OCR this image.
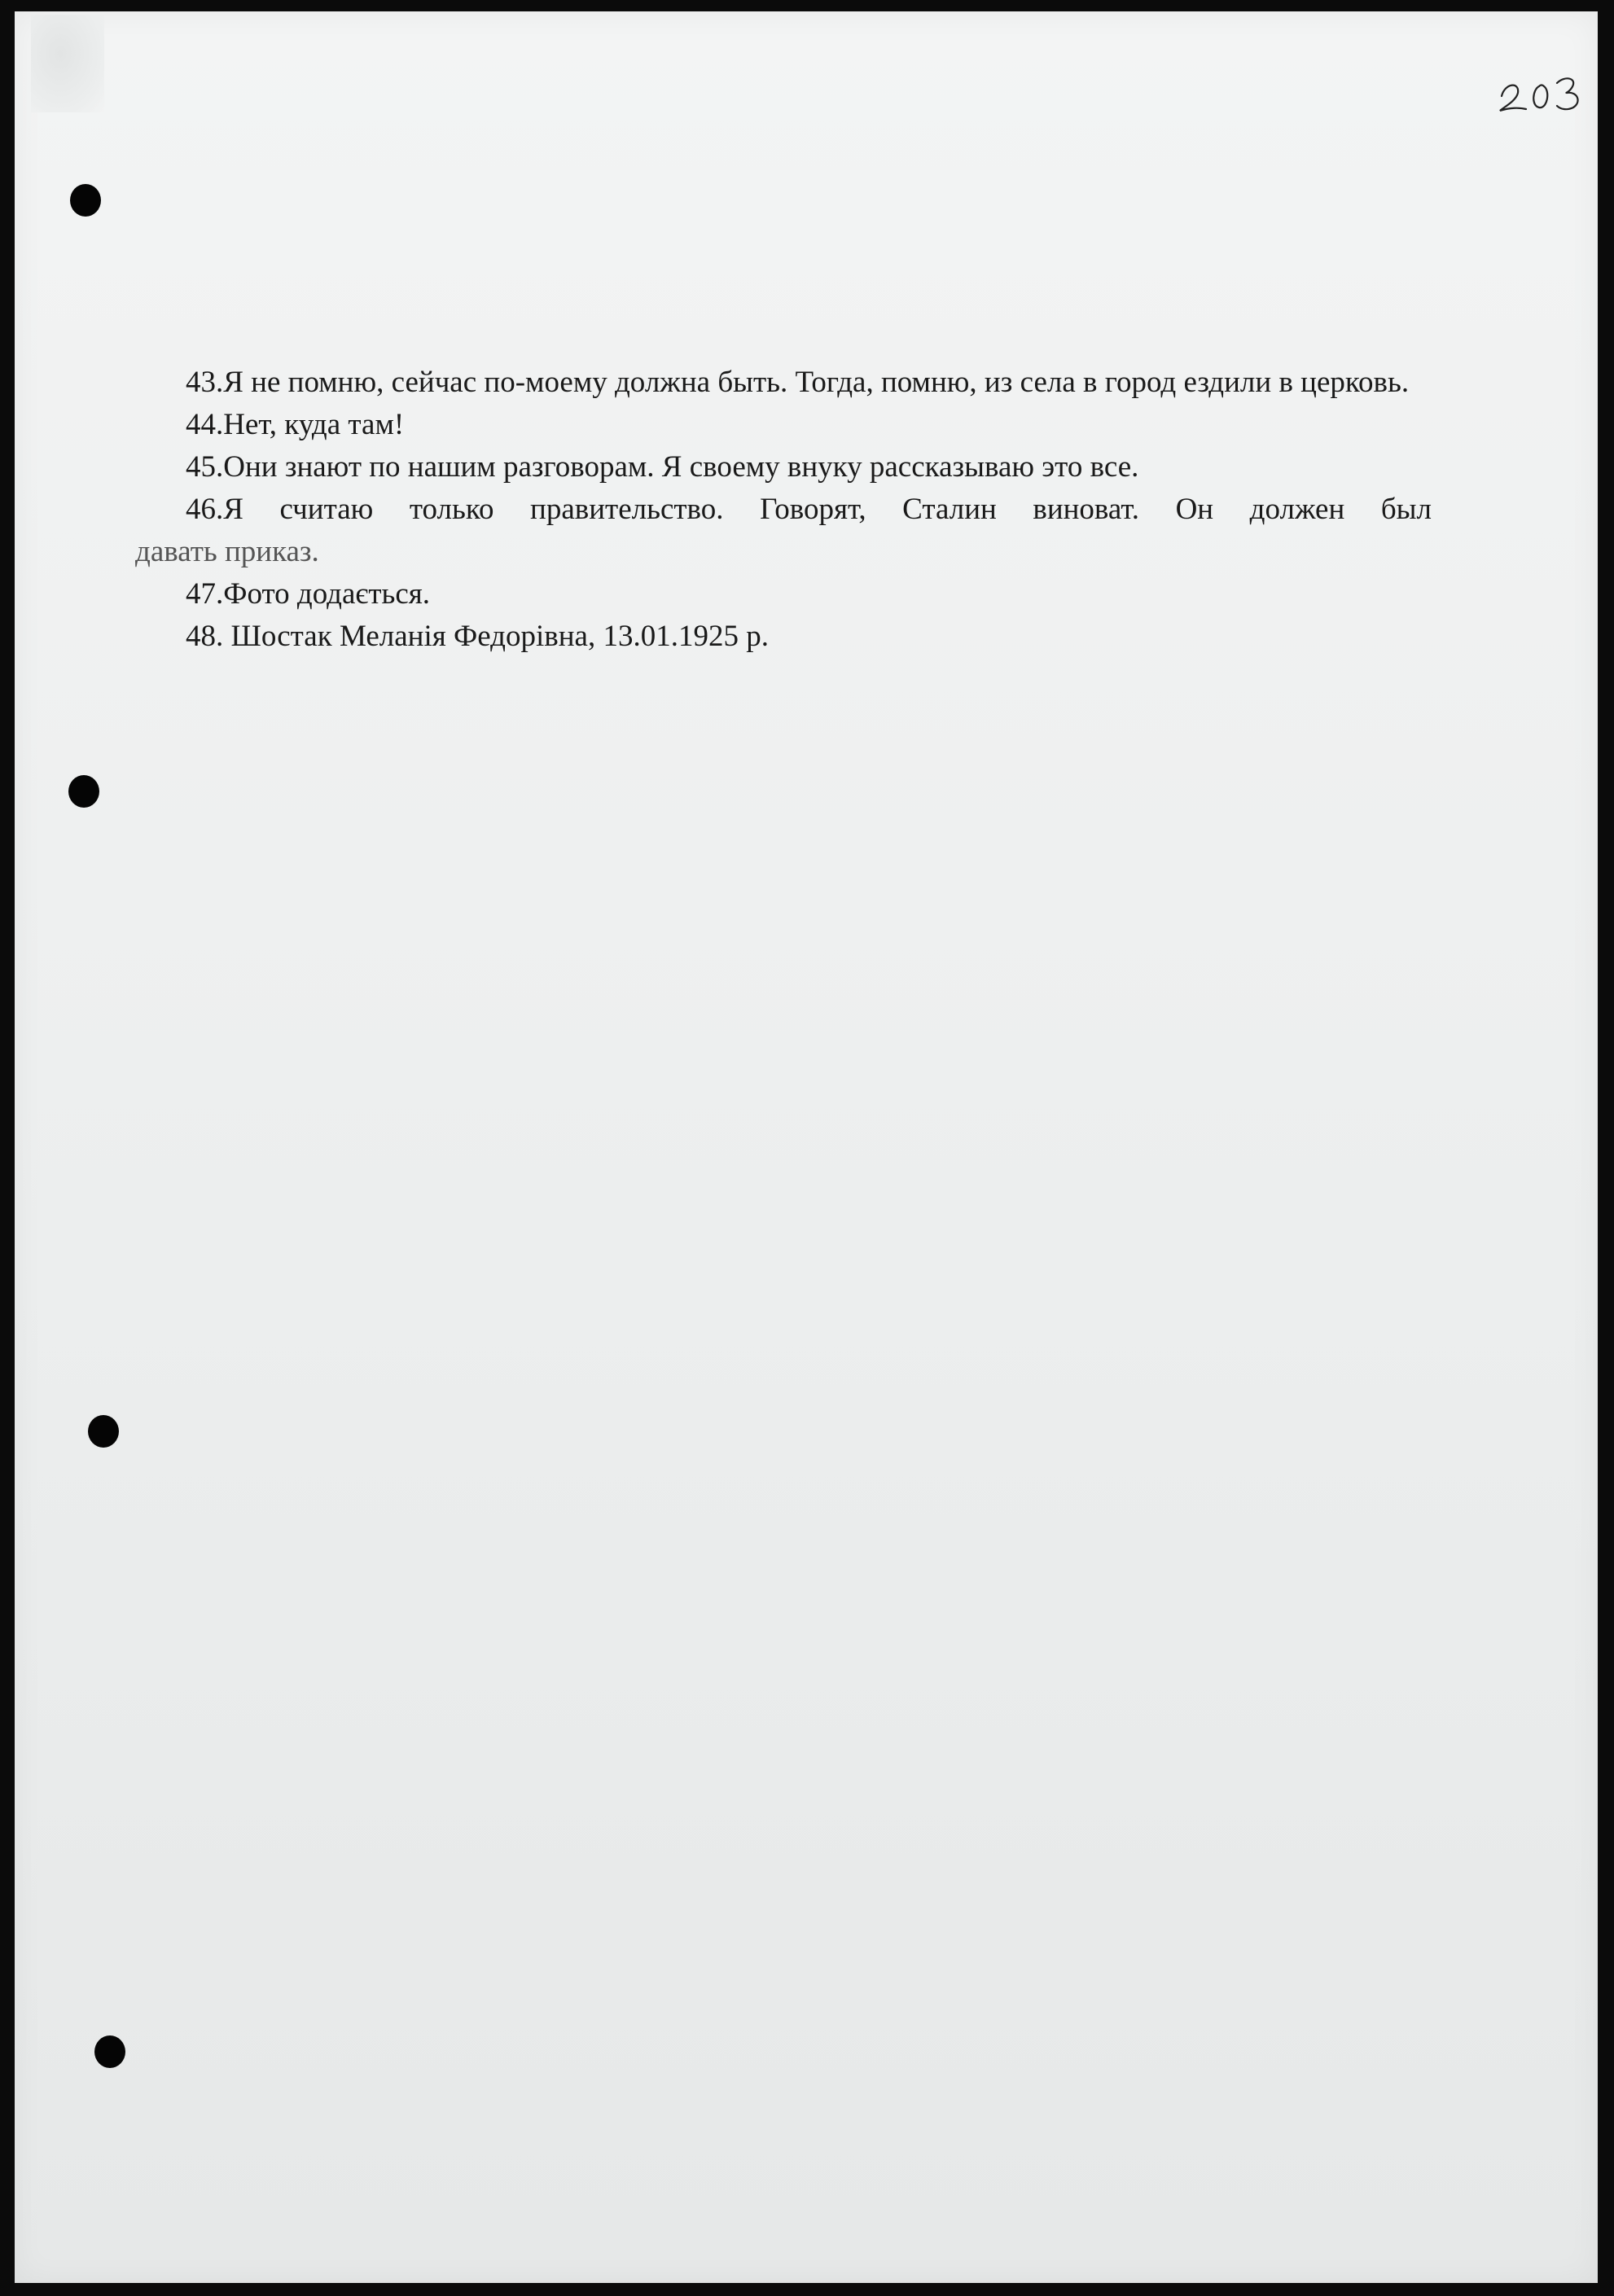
43.Я не помню, сейчас по-моему должна быть. Тогда, помню, из села в город ездили в церковь.

44.Нет, куда там!

45.Они знают по нашим разговорам. Я своему внуку рассказываю это все.

46.Я считаю только правительство. Говорят, Сталин виноват. Он должен был

давать приказ.

47.Фото додається.

48. Шостак Меланія Федорівна, 13.01.1925 р.
